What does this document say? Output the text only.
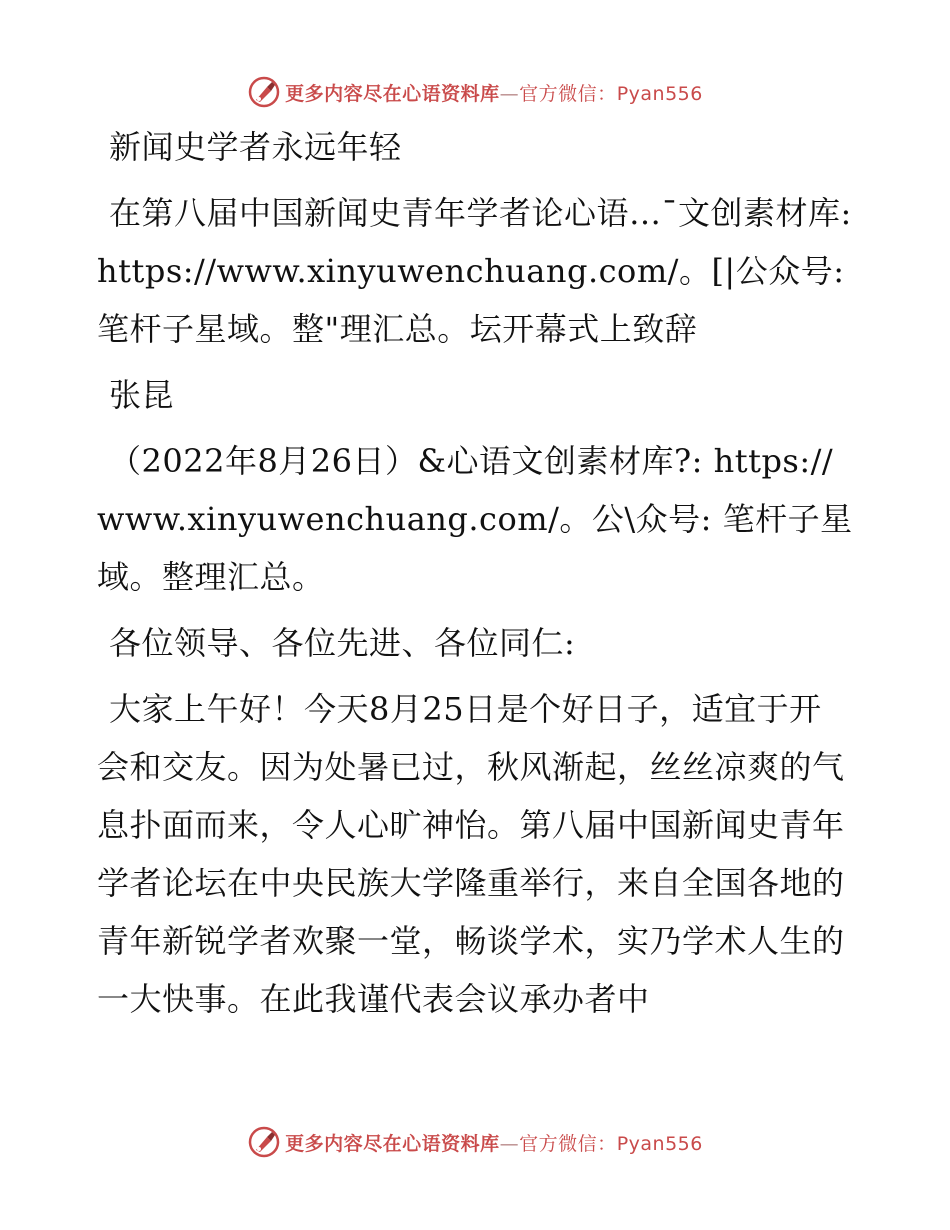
更多内容尽在心语资料库—官方微信：Pyan556

新闻史学者永远年轻

在第八届中国新闻史青年学者论心语…¯文创素材库: https://www.xinyuwenchuang.com/。[|公众号: 笔杆子星域。整"理汇总。坛开幕式上致辞

张昆

（2022年8月26日）&心语文创素材库?: https://www.xinyuwenchuang.com/。公\众号: 笔杆子星域。整理汇总。

各位领导、各位先进、各位同仁:

大家上午好！今天8月25日是个好日子，适宜于开会和交友。因为处暑已过，秋风渐起，丝丝凉爽的气息扑面而来，令人心旷神怡。第八届中国新闻史青年学者论坛在中央民族大学隆重举行，来自全国各地的青年新锐学者欢聚一堂，畅谈学术，实乃学术人生的一大快事。在此我谨代表会议承办者中

更多内容尽在心语资料库—官方微信：Pyan556
